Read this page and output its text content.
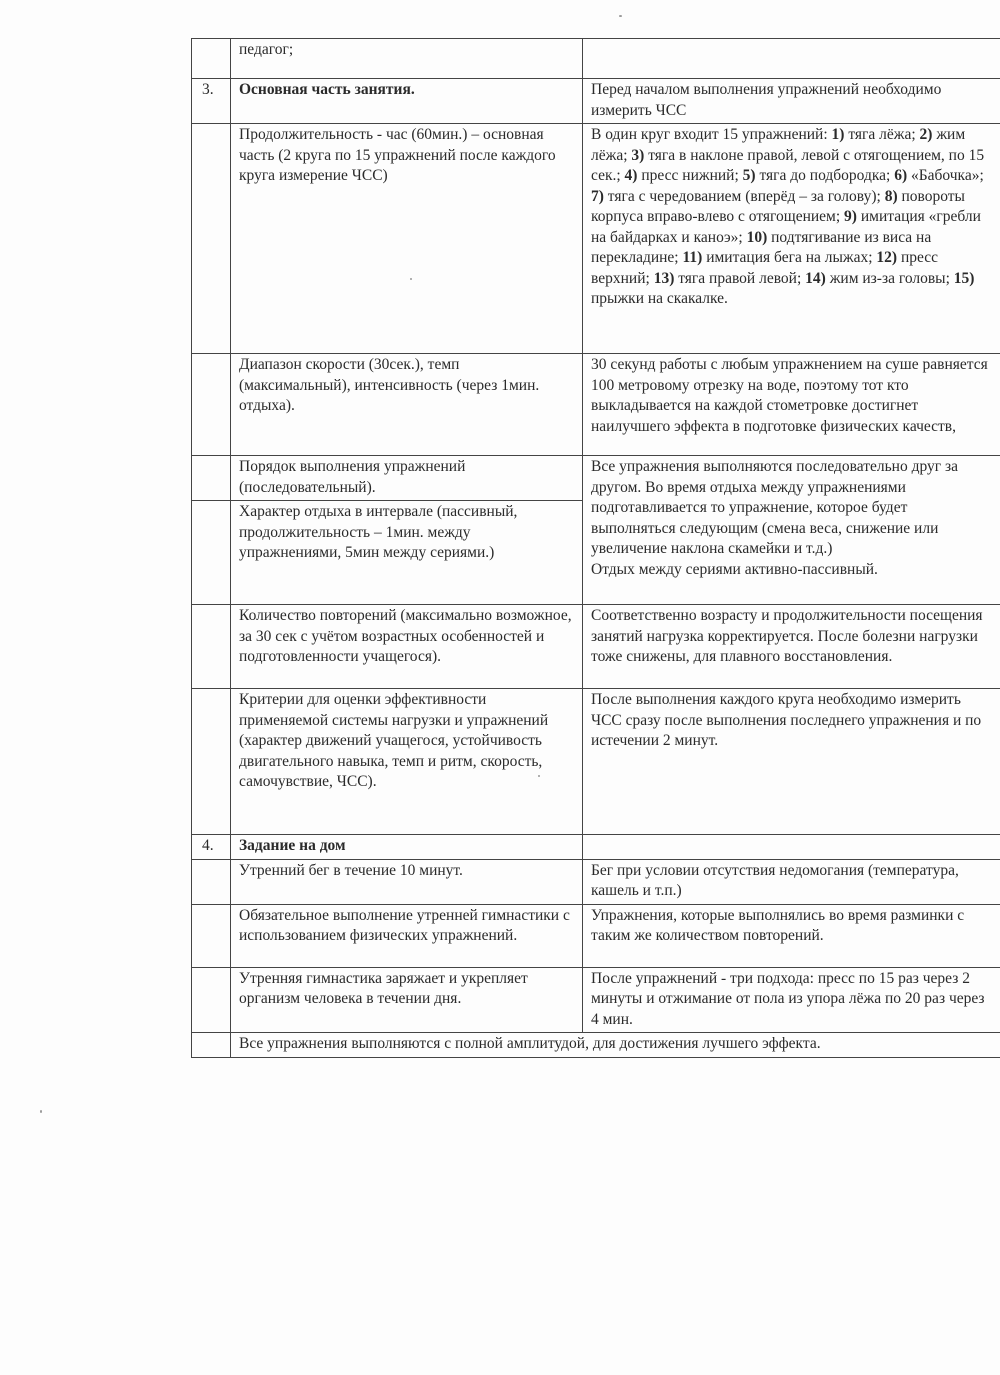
	педагог;	
3.	Основная часть занятия.	Перед началом выполнения упражнений необходимо измерить ЧСС
	Продолжительность - час (60мин.) – основная часть (2 круга по 15 упражнений после каждого круга измерение ЧСС)	В один круг входит 15 упражнений: 1) тяга лёжа; 2) жим лёжа; 3) тяга в наклоне правой, левой с отягощением, по 15 сек.; 4) пресс нижний; 5) тяга до подбородка; 6) «Бабочка»; 7) тяга с чередованием (вперёд – за голову); 8) повороты корпуса вправо-влево с отягощением; 9) имитация «гребли на байдарках и каноэ»; 10) подтягивание из виса на перекладине; 11) имитация бега на лыжах; 12) пресс верхний; 13) тяга правой левой; 14) жим из-за головы; 15) прыжки на скакалке.
	Диапазон скорости (30сек.), темп (максимальный), интенсивность (через 1мин. отдыха).	30 секунд работы с любым упражнением на суше равняется 100 метровому отрезку на воде, поэтому тот кто выкладывается на каждой стометровке достигнет наилучшего эффекта в подготовке физических качеств,
	Порядок выполнения упражнений (последовательный).	Все упражнения выполняются последовательно друг за другом. Во время отдыха между упражнениями подготавливается то упражнение, которое будет выполняться следующим (смена веса, снижение или увеличение наклона скамейки и т.д.)
Отдых между сериями активно-пассивный.

	Характер отдыха в интервале (пассивный, продолжительность – 1мин. между упражнениями, 5мин между сериями.)	
	Количество повторений (максимально возможное, за 30 сек с учётом возрастных особенностей и подготовленности учащегося).	Соответственно возрасту и продолжительности посещения занятий нагрузка корректируется. После болезни нагрузки тоже снижены, для плавного восстановления.
	Критерии для оценки эффективности применяемой системы нагрузки и упражнений (характер движений учащегося, устойчивость двигательного навыка, темп и ритм, скорость, самочувствие, ЧСС).	После выполнения каждого круга необходимо измерить ЧСС сразу после выполнения последнего упражнения и по истечении 2 минут.
4.	Задание на дом	
	Утренний бег в течение 10 минут.	Бег при условии отсутствия недомогания (температура, кашель и т.п.)
	Обязательное выполнение утренней гимнастики с использованием физических упражнений.	Упражнения, которые выполнялись во время разминки с таким же количеством повторений.
	Утренняя гимнастика заряжает и укрепляет организм человека в течении дня.	После упражнений - три подхода: пресс по 15 раз через 2 минуты и отжимание от пола из упора лёжа по 20 раз через 4 мин.
	Все упражнения выполняются с полной амплитудой, для достижения лучшего эффекта.	
